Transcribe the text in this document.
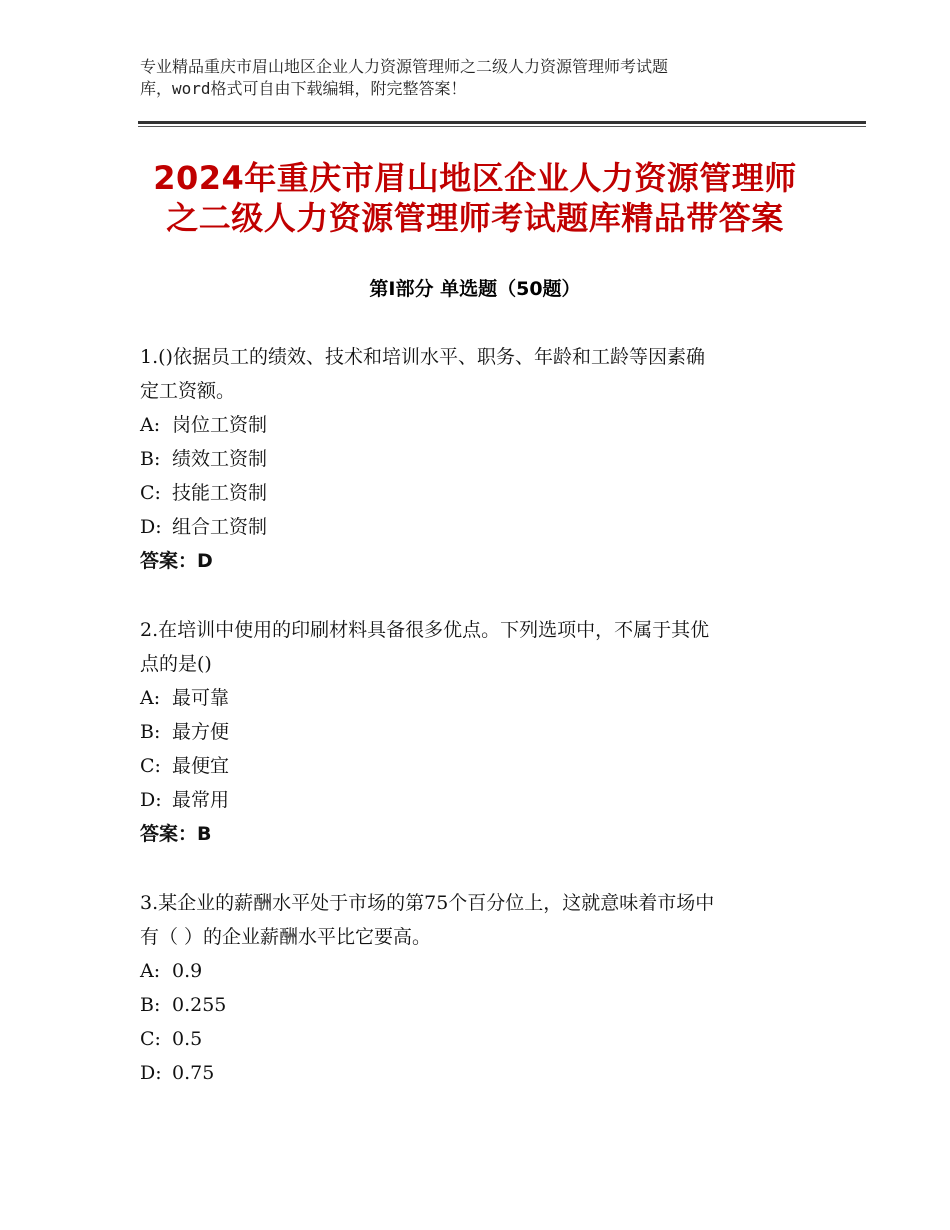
专业精品重庆市眉山地区企业人力资源管理师之二级人力资源管理师考试题
库，word格式可自由下载编辑，附完整答案！
2024年重庆市眉山地区企业人力资源管理师
之二级人力资源管理师考试题库精品带答案
第Ⅰ部分 单选题（50题）
1.()依据员工的绩效、技术和培训水平、职务、年龄和工龄等因素确
定工资额。
A: 岗位工资制
B: 绩效工资制
C: 技能工资制
D: 组合工资制
答案：D
2.在培训中使用的印刷材料具备很多优点。下列选项中，不属于其优
点的是()
A: 最可靠
B: 最方便
C: 最便宜
D: 最常用
答案：B
3.某企业的薪酬水平处于市场的第75个百分位上，这就意味着市场中
有（ ）的企业薪酬水平比它要高。
A: 0.9
B: 0.255
C: 0.5
D: 0.75
